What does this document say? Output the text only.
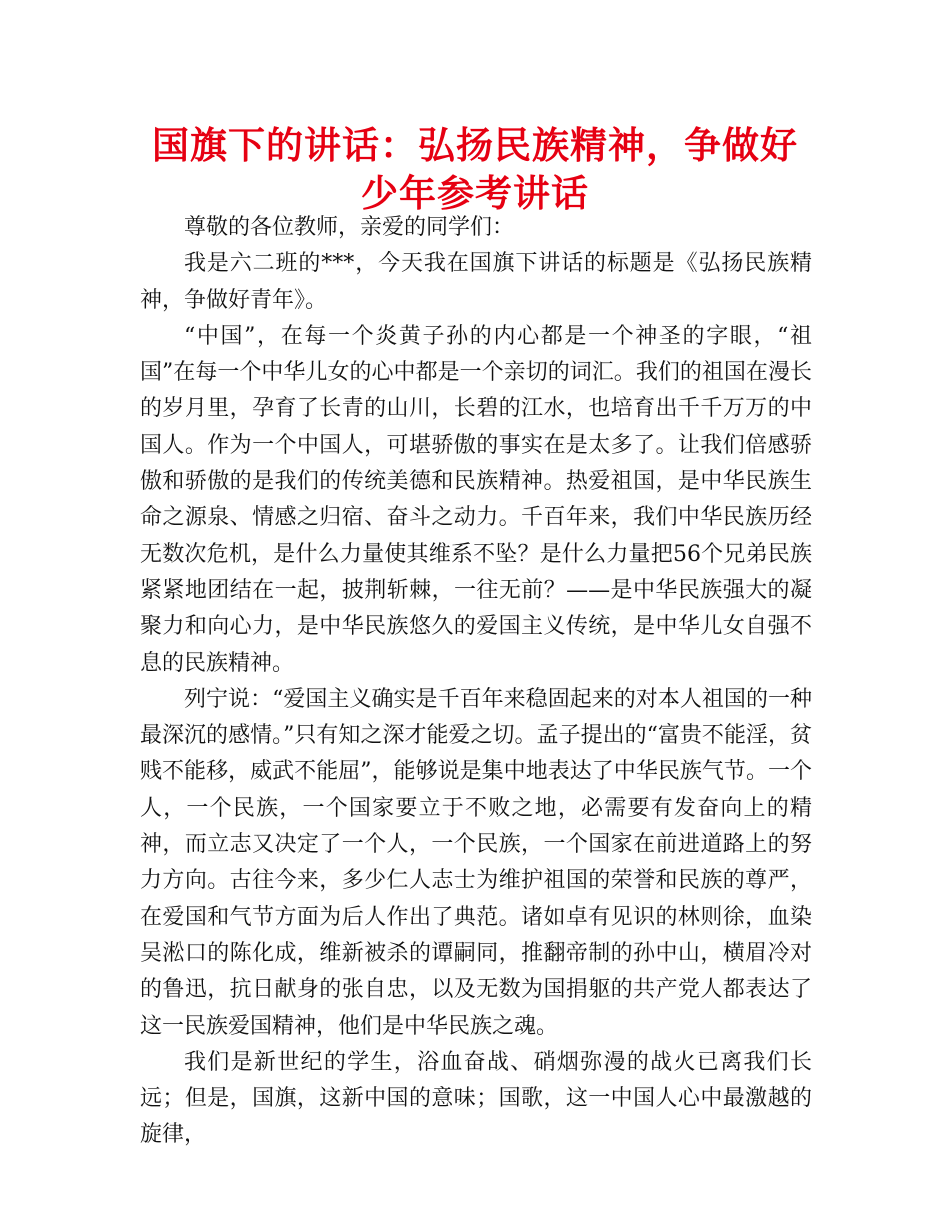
国旗下的讲话：弘扬民族精神，争做好少年参考讲话

尊敬的各位教师，亲爱的同学们：

我是六二班的***，今天我在国旗下讲话的标题是《弘扬民族精神，争做好青年》。

“中国”，在每一个炎黄子孙的内心都是一个神圣的字眼，“祖国”在每一个中华儿女的心中都是一个亲切的词汇。我们的祖国在漫长的岁月里，孕育了长青的山川，长碧的江水，也培育出千千万万的中国人。作为一个中国人，可堪骄傲的事实在是太多了。让我们倍感骄傲和骄傲的是我们的传统美德和民族精神。热爱祖国，是中华民族生命之源泉、情感之归宿、奋斗之动力。千百年来，我们中华民族历经无数次危机，是什么力量使其维系不坠？是什么力量把56个兄弟民族紧紧地团结在一起，披荆斩棘，一往无前？——是中华民族强大的凝聚力和向心力，是中华民族悠久的爱国主义传统，是中华儿女自强不息的民族精神。

列宁说：“爱国主义确实是千百年来稳固起来的对本人祖国的一种最深沉的感情。”只有知之深才能爱之切。孟子提出的“富贵不能淫，贫贱不能移，威武不能屈”，能够说是集中地表达了中华民族气节。一个人，一个民族，一个国家要立于不败之地，必需要有发奋向上的精神，而立志又决定了一个人，一个民族，一个国家在前进道路上的努力方向。古往今来，多少仁人志士为维护祖国的荣誉和民族的尊严，在爱国和气节方面为后人作出了典范。诸如卓有见识的林则徐，血染吴淞口的陈化成，维新被杀的谭嗣同，推翻帝制的孙中山，横眉冷对的鲁迅，抗日献身的张自忠，以及无数为国捐躯的共产党人都表达了这一民族爱国精神，他们是中华民族之魂。

我们是新世纪的学生，浴血奋战、硝烟弥漫的战火已离我们长远；但是，国旗，这新中国的意味；国歌，这一中国人心中最激越的旋律，
